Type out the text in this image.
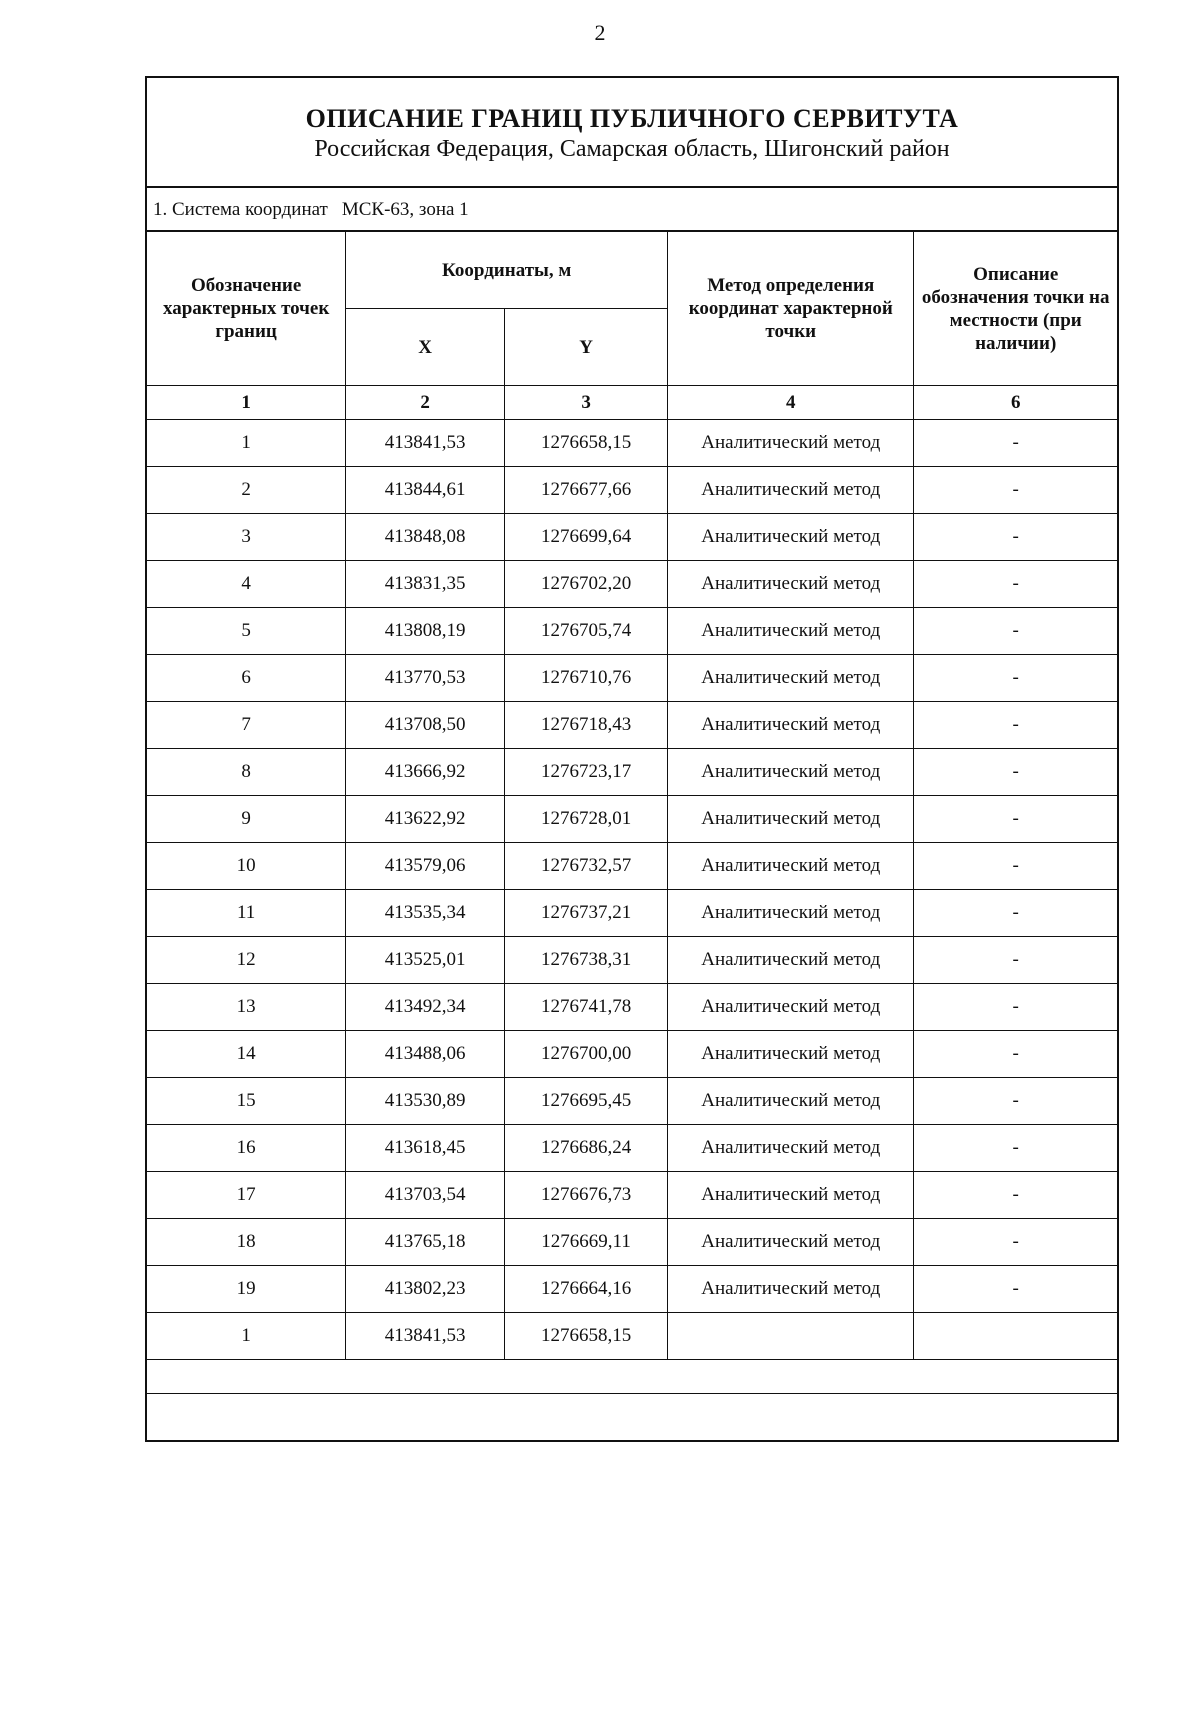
2
ОПИСАНИЕ ГРАНИЦ ПУБЛИЧНОГО СЕРВИТУТА
Российская Федерация, Самарская область, Шигонский район
1. Система координат МСК-63, зона 1
Обозначение характерных точек границ	Координаты, м		Метод определения координат характерной точки	Описание обозначения точки на местности (при наличии)
	X	Y		
1	2	3	4	6
1	413841,53	1276658,15	Аналитический метод	-
2	413844,61	1276677,66	Аналитический метод	-
3	413848,08	1276699,64	Аналитический метод	-
4	413831,35	1276702,20	Аналитический метод	-
5	413808,19	1276705,74	Аналитический метод	-
6	413770,53	1276710,76	Аналитический метод	-
7	413708,50	1276718,43	Аналитический метод	-
8	413666,92	1276723,17	Аналитический метод	-
9	413622,92	1276728,01	Аналитический метод	-
10	413579,06	1276732,57	Аналитический метод	-
11	413535,34	1276737,21	Аналитический метод	-
12	413525,01	1276738,31	Аналитический метод	-
13	413492,34	1276741,78	Аналитический метод	-
14	413488,06	1276700,00	Аналитический метод	-
15	413530,89	1276695,45	Аналитический метод	-
16	413618,45	1276686,24	Аналитический метод	-
17	413703,54	1276676,73	Аналитический метод	-
18	413765,18	1276669,11	Аналитический метод	-
19	413802,23	1276664,16	Аналитический метод	-
1	413841,53	1276658,15		
